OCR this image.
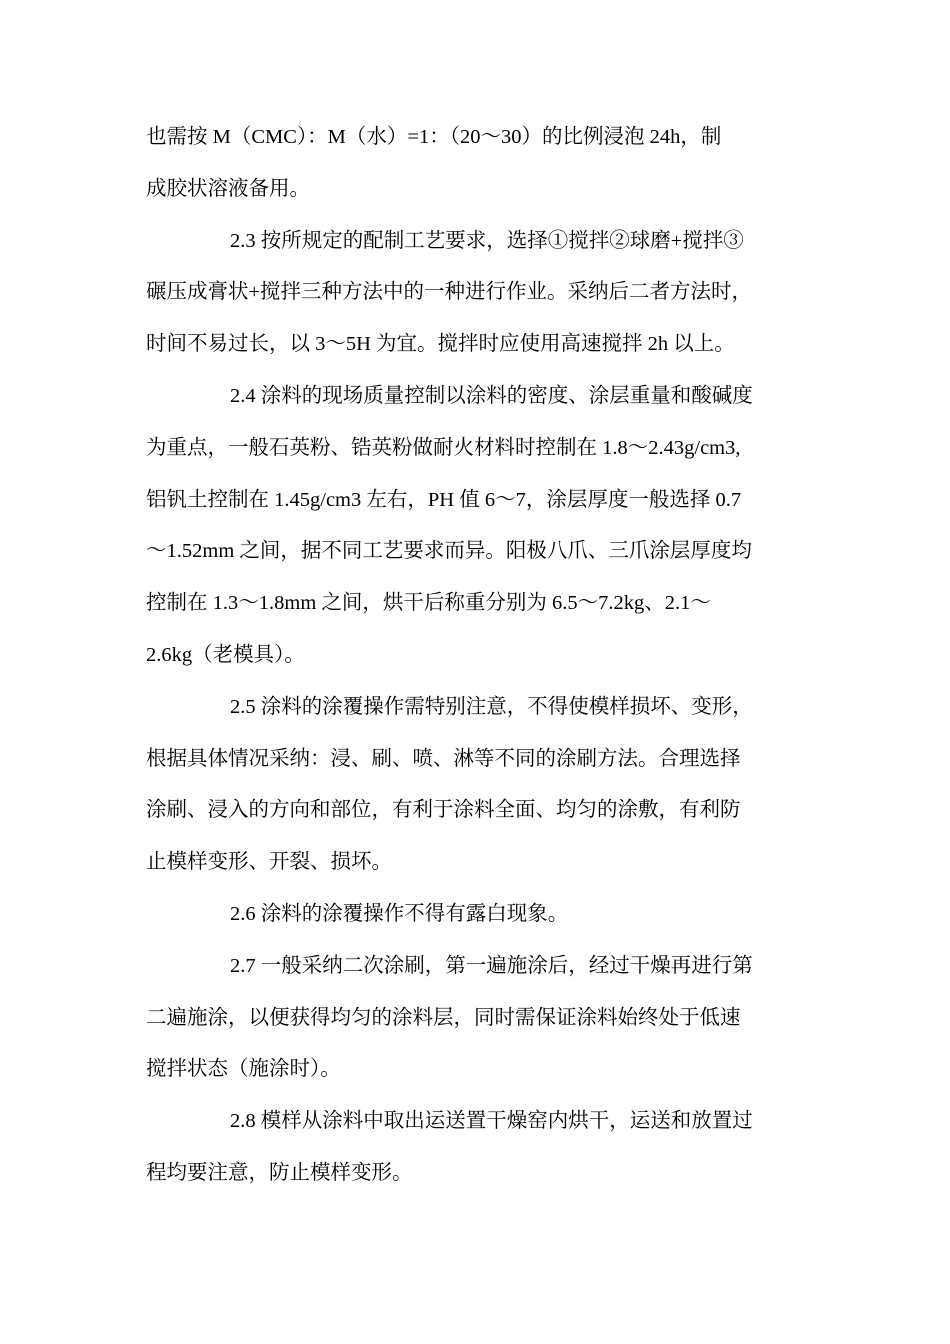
也需按 M（CMC）：M（水）=1：（20～30）的比例浸泡 24h，制
成胶状溶液备用。
2.3 按所规定的配制工艺要求，选择①搅拌②球磨+搅拌③
碾压成膏状+搅拌三种方法中的一种进行作业。采纳后二者方法时，
时间不易过长，以 3～5H 为宜。搅拌时应使用高速搅拌 2h 以上。
2.4 涂料的现场质量控制以涂料的密度、涂层重量和酸碱度
为重点，一般石英粉、锆英粉做耐火材料时控制在 1.8～2.43g/cm3,
铝钒土控制在 1.45g/cm3 左右，PH 值 6～7，涂层厚度一般选择 0.7
～1.52mm 之间，据不同工艺要求而异。阳极八爪、三爪涂层厚度均
控制在 1.3～1.8mm 之间，烘干后称重分别为 6.5～7.2kg、2.1～
2.6kg（老模具）。
2.5 涂料的涂覆操作需特别注意，不得使模样损坏、变形，
根据具体情况采纳：浸、刷、喷、淋等不同的涂刷方法。合理选择
涂刷、浸入的方向和部位，有利于涂料全面、均匀的涂敷，有利防
止模样变形、开裂、损坏。
2.6 涂料的涂覆操作不得有露白现象。
2.7 一般采纳二次涂刷，第一遍施涂后，经过干燥再进行第
二遍施涂，以便获得均匀的涂料层，同时需保证涂料始终处于低速
搅拌状态（施涂时）。
2.8 模样从涂料中取出运送置干燥窑内烘干，运送和放置过
程均要注意，防止模样变形。
